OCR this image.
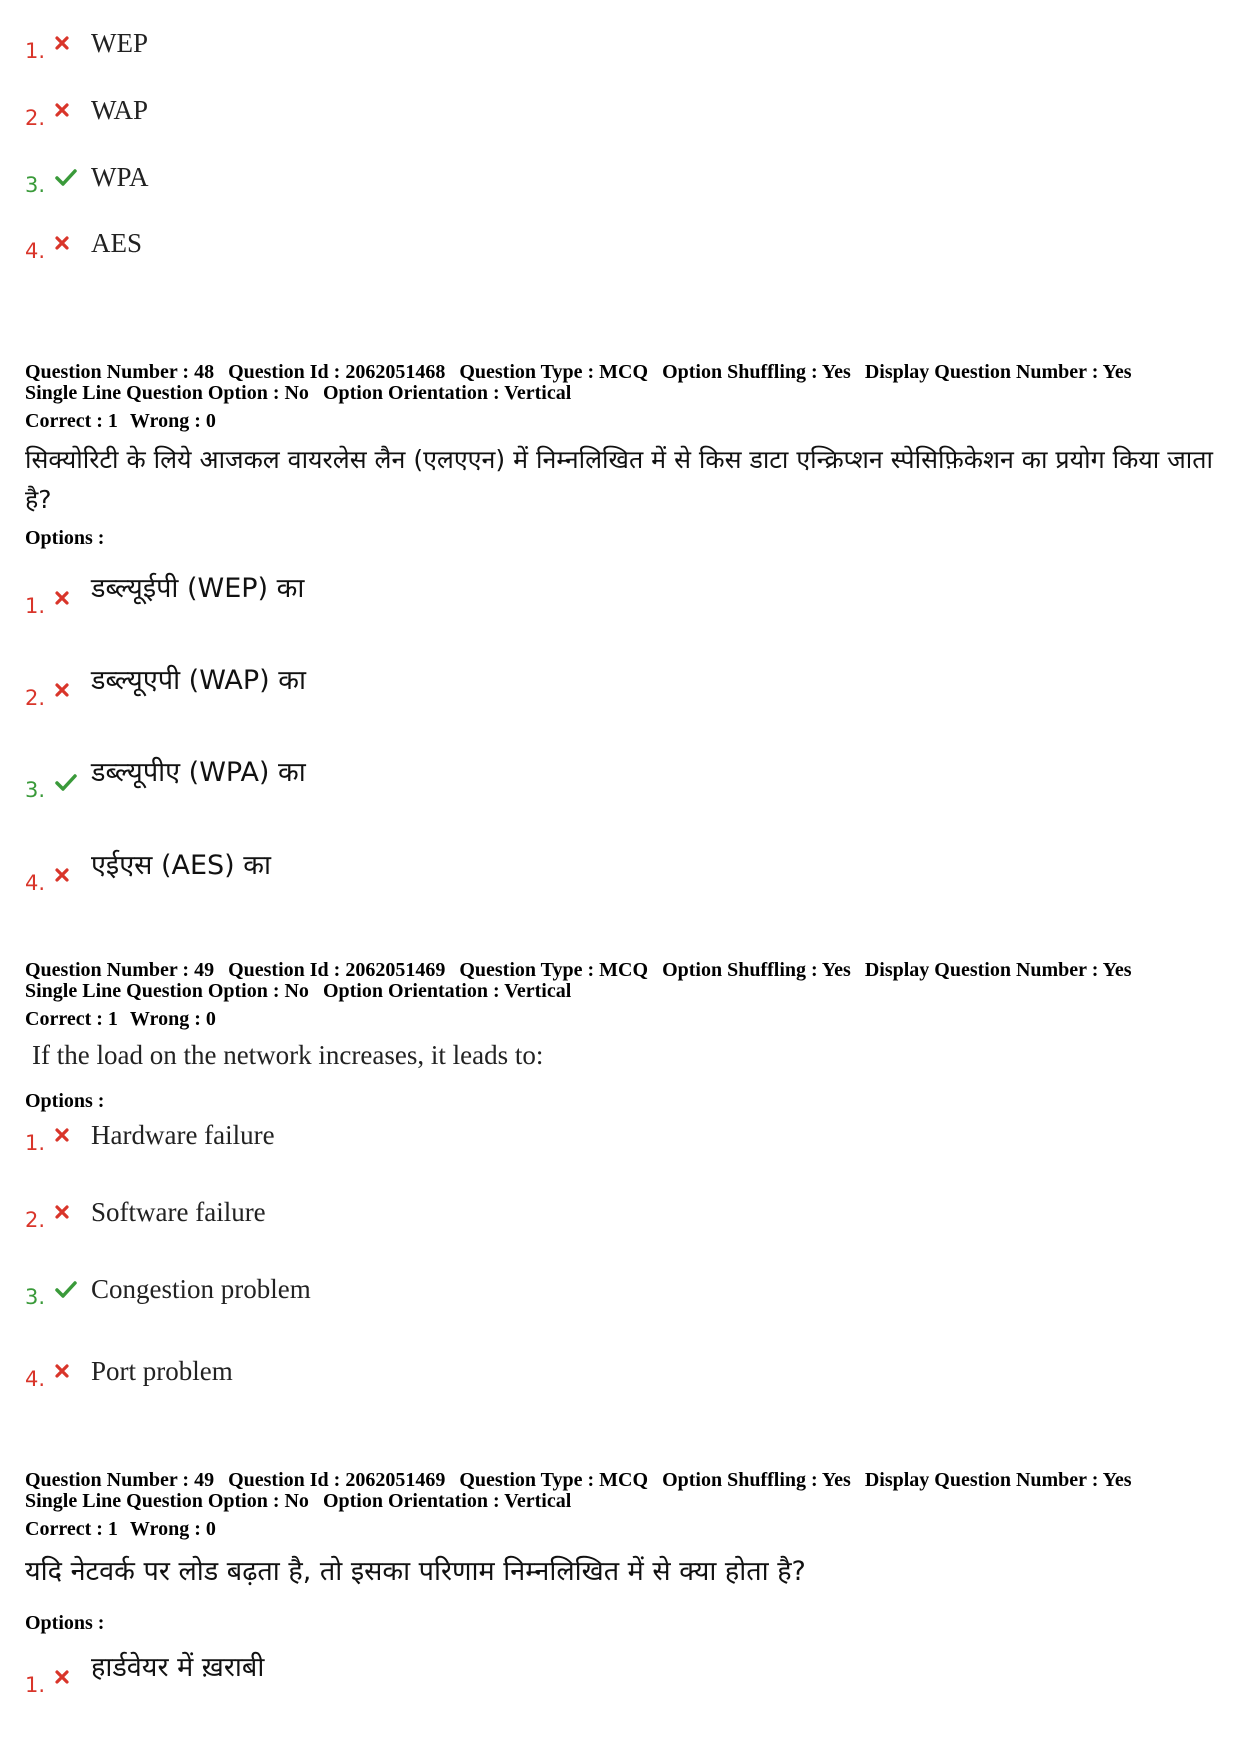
1.	WEP
2.	WAP
3.	WPA
4.	AES
Question Number : 48 Question Id : 2062051468 Question Type : MCQ Option Shuffling : Yes Display Question Number : Yes
Single Line Question Option : No Option Orientation : Vertical
Correct : 1 Wrong : 0
सिक्योरिटी के लिये आजकल वायरलेस लैन (एलएएन) में निम्नलिखित में से किस डाटा एन्क्रिप्शन स्पेसिफ़िकेशन का प्रयोग किया जाता है?
Options :
1.
डब्ल्यूईपी (WEP) का
2.
डब्ल्यूएपी (WAP) का
3.
डब्ल्यूपीए (WPA) का
4.
एईएस (AES) का
Question Number : 49 Question Id : 2062051469 Question Type : MCQ Option Shuffling : Yes Display Question Number : Yes
Single Line Question Option : No Option Orientation : Vertical
Correct : 1 Wrong : 0
If the load on the network increases, it leads to:
Options :
1.	Hardware failure
2.	Software failure
3.	Congestion problem
4.	Port problem
Question Number : 49 Question Id : 2062051469 Question Type : MCQ Option Shuffling : Yes Display Question Number : Yes
Single Line Question Option : No Option Orientation : Vertical
Correct : 1 Wrong : 0
यदि नेटवर्क पर लोड बढ़ता है, तो इसका परिणाम निम्नलिखित में से क्या होता है?
Options :
1.
हार्डवेयर में ख़राबी
